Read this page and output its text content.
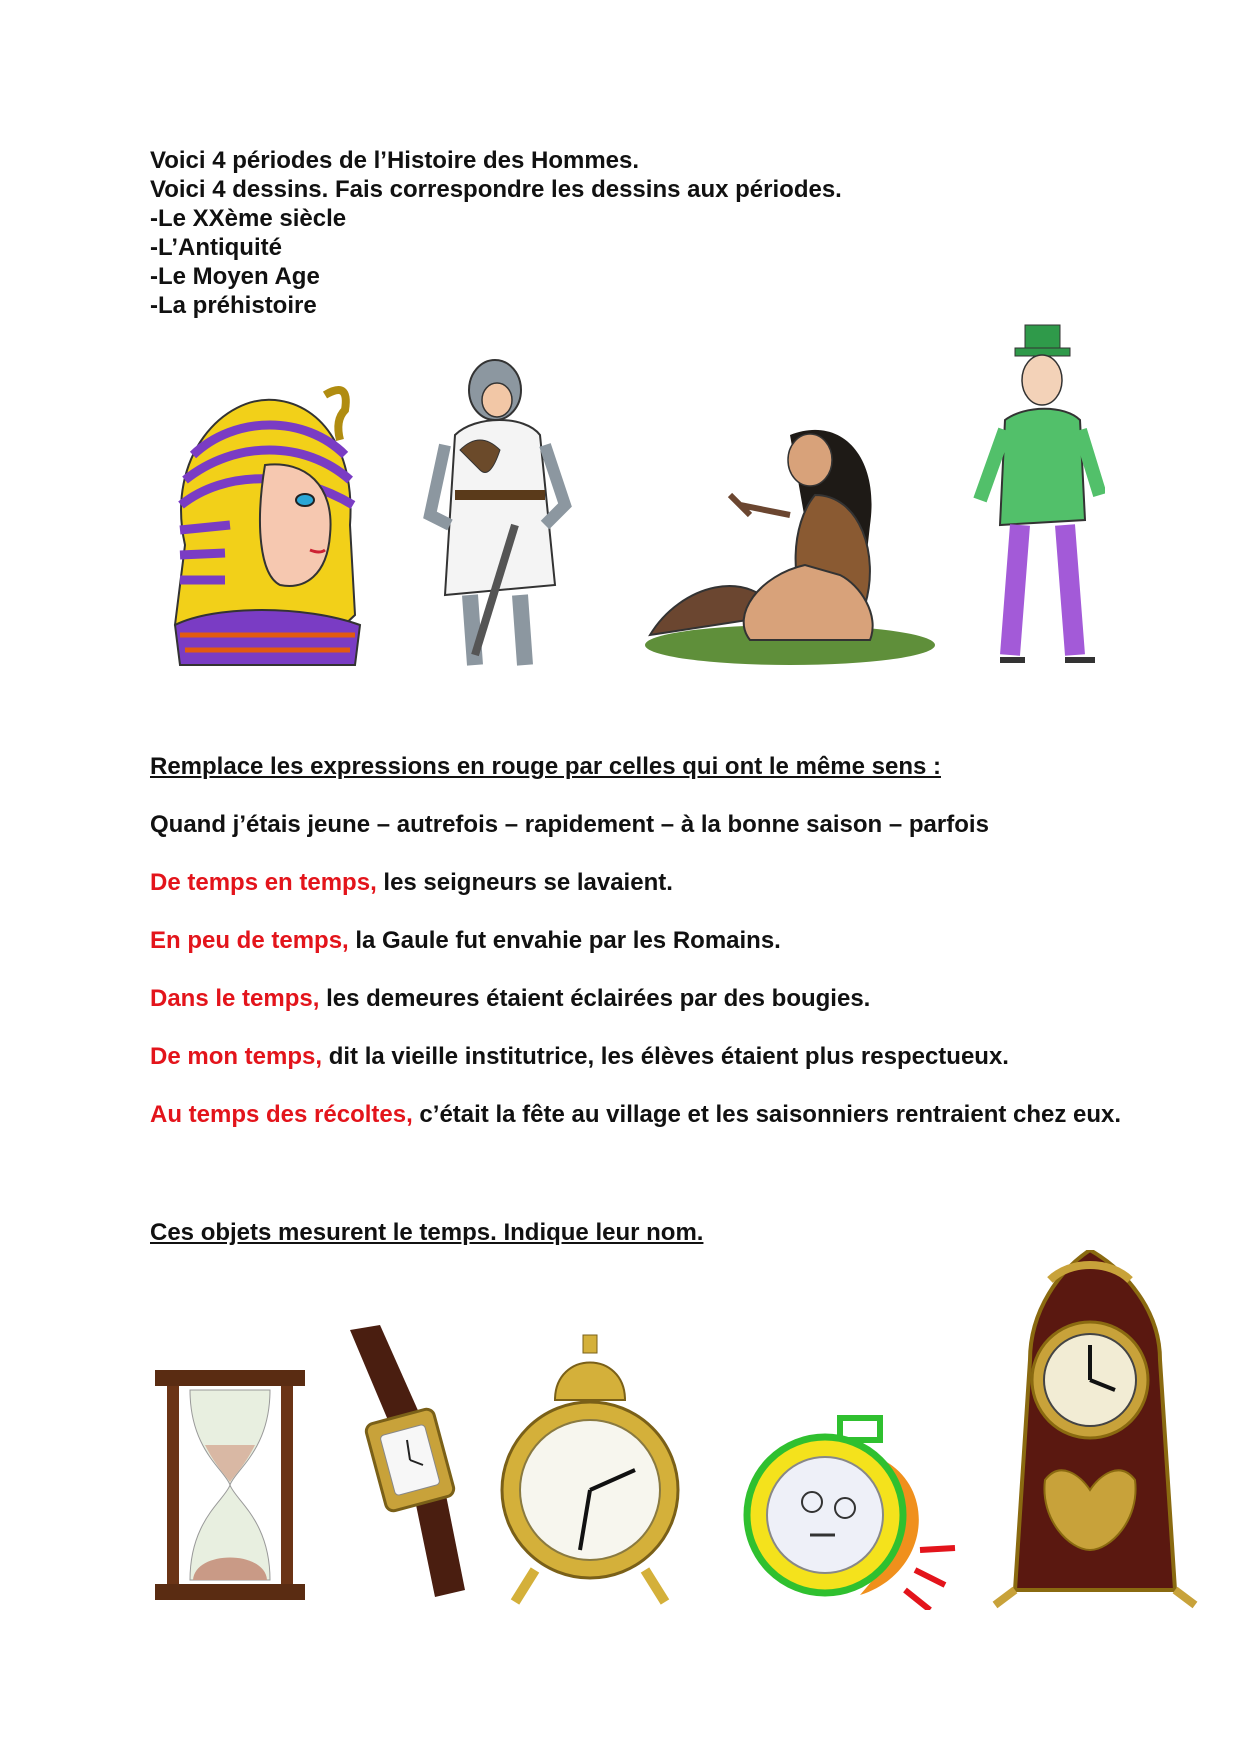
Voici 4 périodes de l’Histoire des Hommes.
Voici 4 dessins. Fais correspondre les dessins aux périodes.
-Le XXème siècle
-L’Antiquité
-Le Moyen Age
-La préhistoire
Remplace les expressions en rouge par celles qui ont le même sens :
Quand j’étais jeune – autrefois – rapidement – à la bonne saison – parfois
De temps en temps, les seigneurs se lavaient.
En peu de temps, la Gaule fut envahie par les Romains.
Dans le temps, les demeures étaient éclairées par des bougies.
De mon temps, dit la vieille institutrice, les élèves étaient plus respectueux.
Au temps des récoltes, c’était la fête au village et les saisonniers rentraient chez eux.
Ces objets mesurent le temps. Indique leur nom.
